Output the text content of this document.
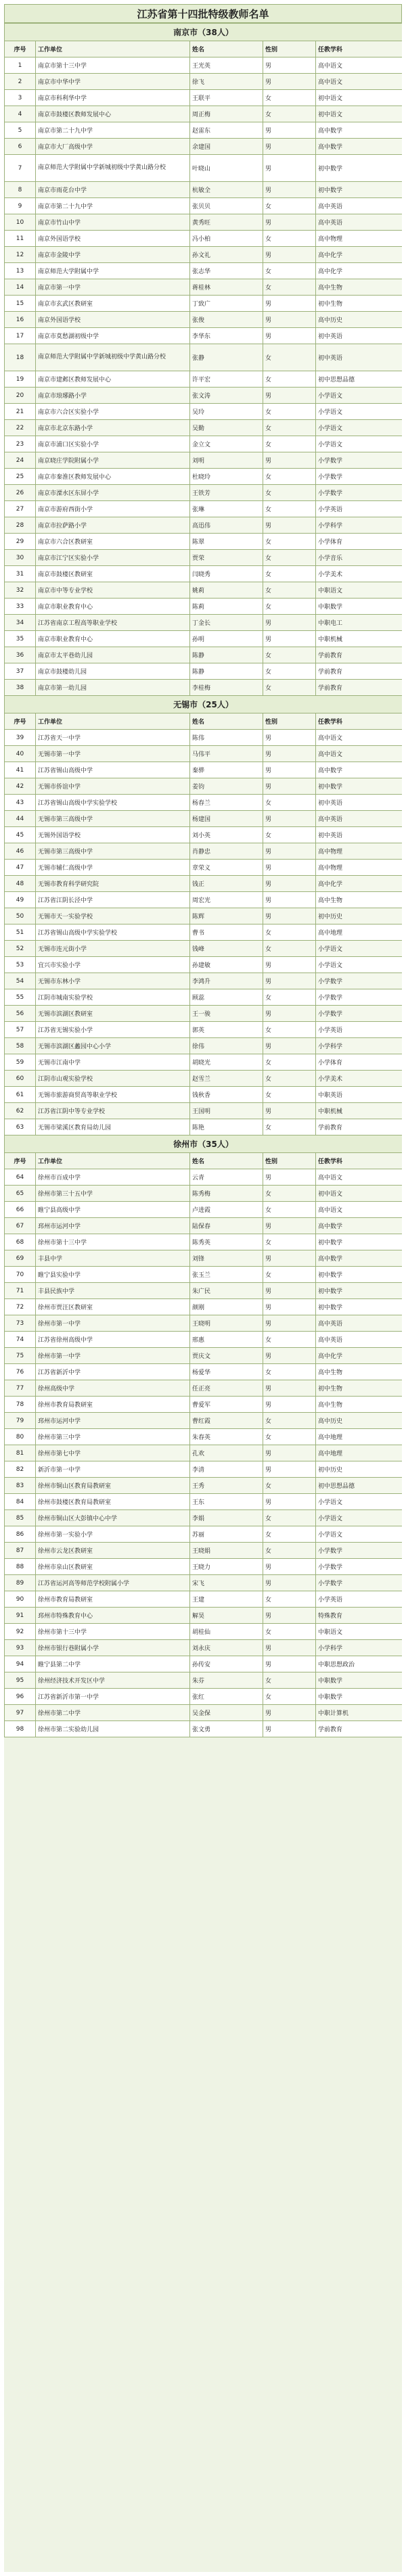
江苏省第十四批特级教师名单
南京市（38人）				
序号	工作单位	姓名	性别	任教学科
1	南京市第十三中学	王光英	男	高中语文
2	南京市中华中学	徐飞	男	高中语文
3	南京市科利华中学	王联平	女	初中语文
4	南京市鼓楼区教师发展中心	周正梅	女	初中语文
5	南京市第二十九中学	赵雷东	男	高中数学
6	南京市大厂高级中学	余建国	男	高中数学
7	南京师范大学附属中学新城初级中学黄山路分校	叶晓山	男	初中数学
8	南京市雨花台中学	杭敏全	男	初中数学
9	南京市第二十九中学	张贝贝	女	高中英语
10	南京市竹山中学	黄秀旺	男	高中英语
11	南京外国语学校	冯小柏	女	高中物理
12	南京市金陵中学	孙文礼	男	高中化学
13	南京师范大学附属中学	张志华	女	高中化学
14	南京市第一中学	蒋桂林	女	高中生物
15	南京市玄武区教研室	丁致广	男	初中生物
16	南京外国语学校	张俊	男	高中历史
17	南京市莫愁湖初级中学	李华东	男	初中英语
18	南京师范大学附属中学新城初级中学黄山路分校	张静	女	初中英语
19	南京市建邺区教师发展中心	许平宏	女	初中思想品德
20	南京市琅琊路小学	张文涛	男	小学语文
21	南京市六合区实验小学	吴玲	女	小学语文
22	南京市北京东路小学	吴勤	女	小学语文
23	南京市浦口区实验小学	金立文	女	小学语文
24	南京晓庄学院附属小学	刘明	男	小学数学
25	南京市秦淮区教师发展中心	杜晓玲	女	小学数学
26	南京市溧水区东屏小学	王铁芳	女	小学数学
27	南京市游府西街小学	张琳	女	小学英语
28	南京市拉萨路小学	高迅伟	男	小学科学
29	南京市六合区教研室	陈翠	女	小学体育
30	南京市江宁区实验小学	贾荣	女	小学音乐
31	南京市鼓楼区教研室	闫晓秀	女	小学美术
32	南京市中等专业学校	姚莉	女	中职语文
33	南京市职业教育中心	陈莉	女	中职数学
34	江苏省南京工程高等职业学校	丁金长	男	中职电工
35	南京市职业教育中心	孙明	男	中职机械
36	南京市太平巷幼儿园	陈静	女	学前教育
37	南京市鼓楼幼儿园	陈静	女	学前教育
38	南京市第一幼儿园	李桂梅	女	学前教育
无锡市（25人）				
序号	工作单位	姓名	性别	任教学科
39	江苏省天一中学	陈伟	男	高中语文
40	无锡市第一中学	马伟平	男	高中语文
41	江苏省锡山高级中学	秦骅	男	高中数学
42	无锡市侨谊中学	姜钧	男	初中数学
43	江苏省锡山高级中学实验学校	杨春兰	女	初中英语
44	无锡市第三高级中学	杨建国	男	高中英语
45	无锡外国语学校	刘小英	女	初中英语
46	无锡市第三高级中学	肖静忠	男	高中物理
47	无锡市辅仁高级中学	章荣义	男	高中物理
48	无锡市教育科学研究院	钱正	男	高中化学
49	江苏省江阴长泾中学	周宏光	男	高中生物
50	无锡市天一实验学校	陈辉	男	初中历史
51	江苏省锡山高级中学实验学校	曹书	女	高中地理
52	无锡市连元街小学	钱峰	女	小学语文
53	宜兴市实验小学	孙建敏	男	小学语文
54	无锡市东林小学	李鸿升	男	小学数学
55	江阴市城南实验学校	顾蕊	女	小学数学
56	无锡市滨湖区教研室	王一骏	男	小学数学
57	江苏省无锡实验小学	郭英	女	小学英语
58	无锡市滨湖区蠡园中心小学	徐伟	男	小学科学
59	无锡市江南中学	胡晓光	女	小学体育
60	江阴市山观实验学校	赵雪兰	女	小学美术
61	无锡市旅游商贸高等职业学校	钱秋香	女	中职英语
62	江苏省江阴中等专业学校	王国明	男	中职机械
63	无锡市梁溪区教育局幼儿园	陈艳	女	学前教育
徐州市（35人）				
序号	工作单位	姓名	性别	任教学科
64	徐州市百成中学	云青	男	高中语文
65	徐州市第三十五中学	陈秀梅	女	初中语文
66	睢宁县高级中学	卢进霞	女	高中语文
67	邳州市运河中学	陆保春	男	高中数学
68	徐州市第十三中学	陈秀英	女	初中数学
69	丰县中学	刘锋	男	高中数学
70	睢宁县实验中学	张玉兰	女	初中数学
71	丰县民族中学	朱广民	男	初中数学
72	徐州市贾汪区教研室	颜刚	男	初中数学
73	徐州市第一中学	王晓明	男	高中英语
74	江苏省徐州高级中学	邢惠	女	高中英语
75	徐州市第一中学	贾庆文	男	高中化学
76	江苏省新沂中学	杨爱华	女	高中生物
77	徐州高级中学	任正亮	男	初中生物
78	徐州市教育局教研室	曹爱军	男	高中生物
79	邳州市运河中学	曹红霞	女	高中历史
80	徐州市第三中学	朱春英	女	高中地理
81	徐州市第七中学	孔欢	男	高中地理
82	新沂市第一中学	李清	男	初中历史
83	徐州市铜山区教育局教研室	王秀	女	初中思想品德
84	徐州市鼓楼区教育局教研室	王东	男	小学语文
85	徐州市铜山区大彭镇中心中学	李娟	女	小学语文
86	徐州市第一实验小学	苏丽	女	小学语文
87	徐州市云龙区教研室	王晓娟	女	小学数学
88	徐州市泉山区教研室	王晓力	男	小学数学
89	江苏省运河高等师范学校附属小学	宋飞	男	小学数学
90	徐州市教育局教研室	王建	女	小学英语
91	邳州市特殊教育中心	解昊	男	特殊教育
92	徐州市第十三中学	胡桂仙	女	中职语文
93	徐州市银行巷附属小学	刘永庆	男	小学科学
94	睢宁县第二中学	孙传安	男	中职思想政治
95	徐州经济技术开发区中学	朱芬	女	中职数学
96	江苏省新沂市第一中学	张红	女	中职数学
97	徐州市第二中学	吴金保	男	中职计算机
98	徐州市第二实验幼儿园	张文勇	男	学前教育
